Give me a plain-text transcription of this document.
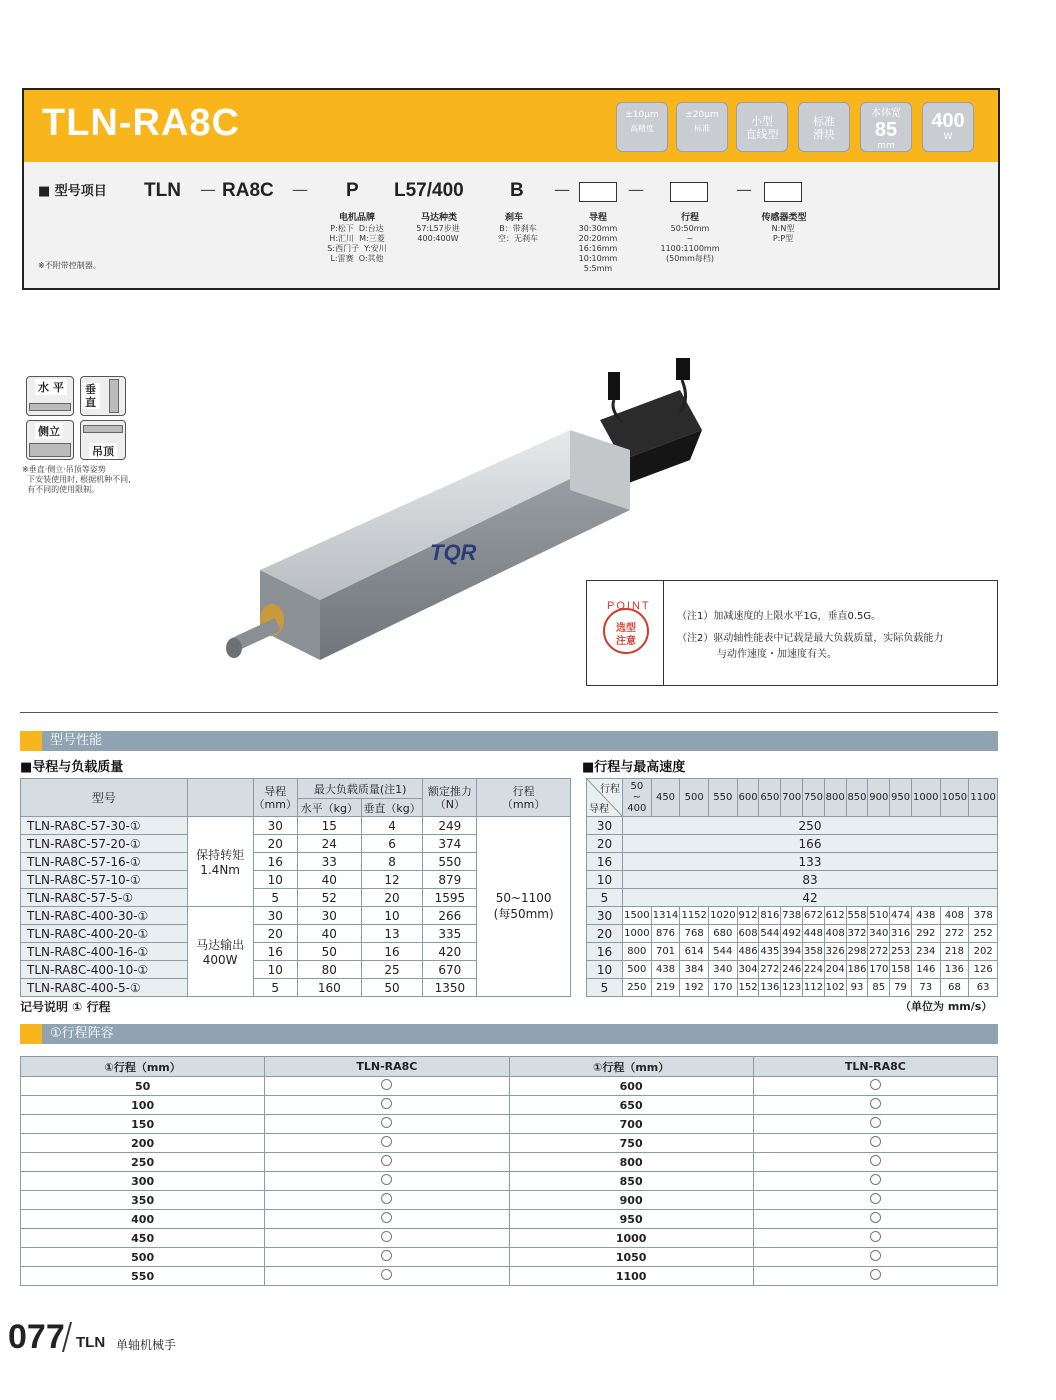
TLN-RA8C	±10μm
高精度
±20μm
标准
小型
直线型
标准
滑块
本体宽
85
mm
400
W
■ 型号项目 TLN — RA8C — P L57/400 B —	—	—
电机品牌
P:松下  D:台达
H:汇川  M:三菱
S:西门子  Y:安川
L:雷赛  O:其他
马达种类
57:L57步进
400:400W
刹车
B：带刹车
空：无刹车
导程
30:30mm
20:20mm
16:16mm
10:10mm
5:5mm
行程
50:50mm
~
1100:1100mm
(50mm每档)
传感器类型
N:N型
P:P型
※不附带控制器。
水 平 垂直
侧立
吊顶
※垂直·侧立·吊顶等姿势
下安装使用时, 根据机种不同,
有不同的使用限制。
TQR
POINT
选型
注意
（注1）加减速度的上限水平1G，垂直0.5G。
（注2）驱动轴性能表中记载是最大负载质量，实际负载能力
与动作速度・加速度有关。
型号性能
■导程与负载质量	■行程与最高速度
型号		导程
（mm）	最大负载质量(注1)		额定推力
（N）	行程
（mm）
			水平（kg）	垂直（kg）		
TLN-RA8C-57-30-①	保持转矩
1.4Nm	30	15	4	249	50~1100
(每50mm)
TLN-RA8C-57-20-①		20	24	6	374	
TLN-RA8C-57-16-①		16	33	8	550	
TLN-RA8C-57-10-①		10	40	12	879	
TLN-RA8C-57-5-①		5	52	20	1595	
TLN-RA8C-400-30-①	马达输出
400W	30	30	10	266	
TLN-RA8C-400-20-①		20	40	13	335	
TLN-RA8C-400-16-①		16	50	16	420	
TLN-RA8C-400-10-①		10	80	25	670	
TLN-RA8C-400-5-①		5	160	50	1350	
记号说明 ① 行程
行程
导程	50
~
400	450	500	550	600	650	700	750	800	850	900	950	1000	1050	1100
30	250														
20	166														
16	133														
10	83														
5	42														
30	1500	1314	1152	1020	912	816	738	672	612	558	510	474	438	408	378
20	1000	876	768	680	608	544	492	448	408	372	340	316	292	272	252
16	800	701	614	544	486	435	394	358	326	298	272	253	234	218	202
10	500	438	384	340	304	272	246	224	204	186	170	158	146	136	126
5	250	219	192	170	152	136	123	112	102	93	85	79	73	68	63
（单位为 mm/s）
①行程阵容
①行程（mm）	TLN-RA8C	①行程（mm）	TLN-RA8C
50		600	
100		650	
150		700	
200		750	
250		800	
300		850	
350		900	
400		950	
450		1000	
500		1050	
550		1100	
077 TLN 单轴机械手
